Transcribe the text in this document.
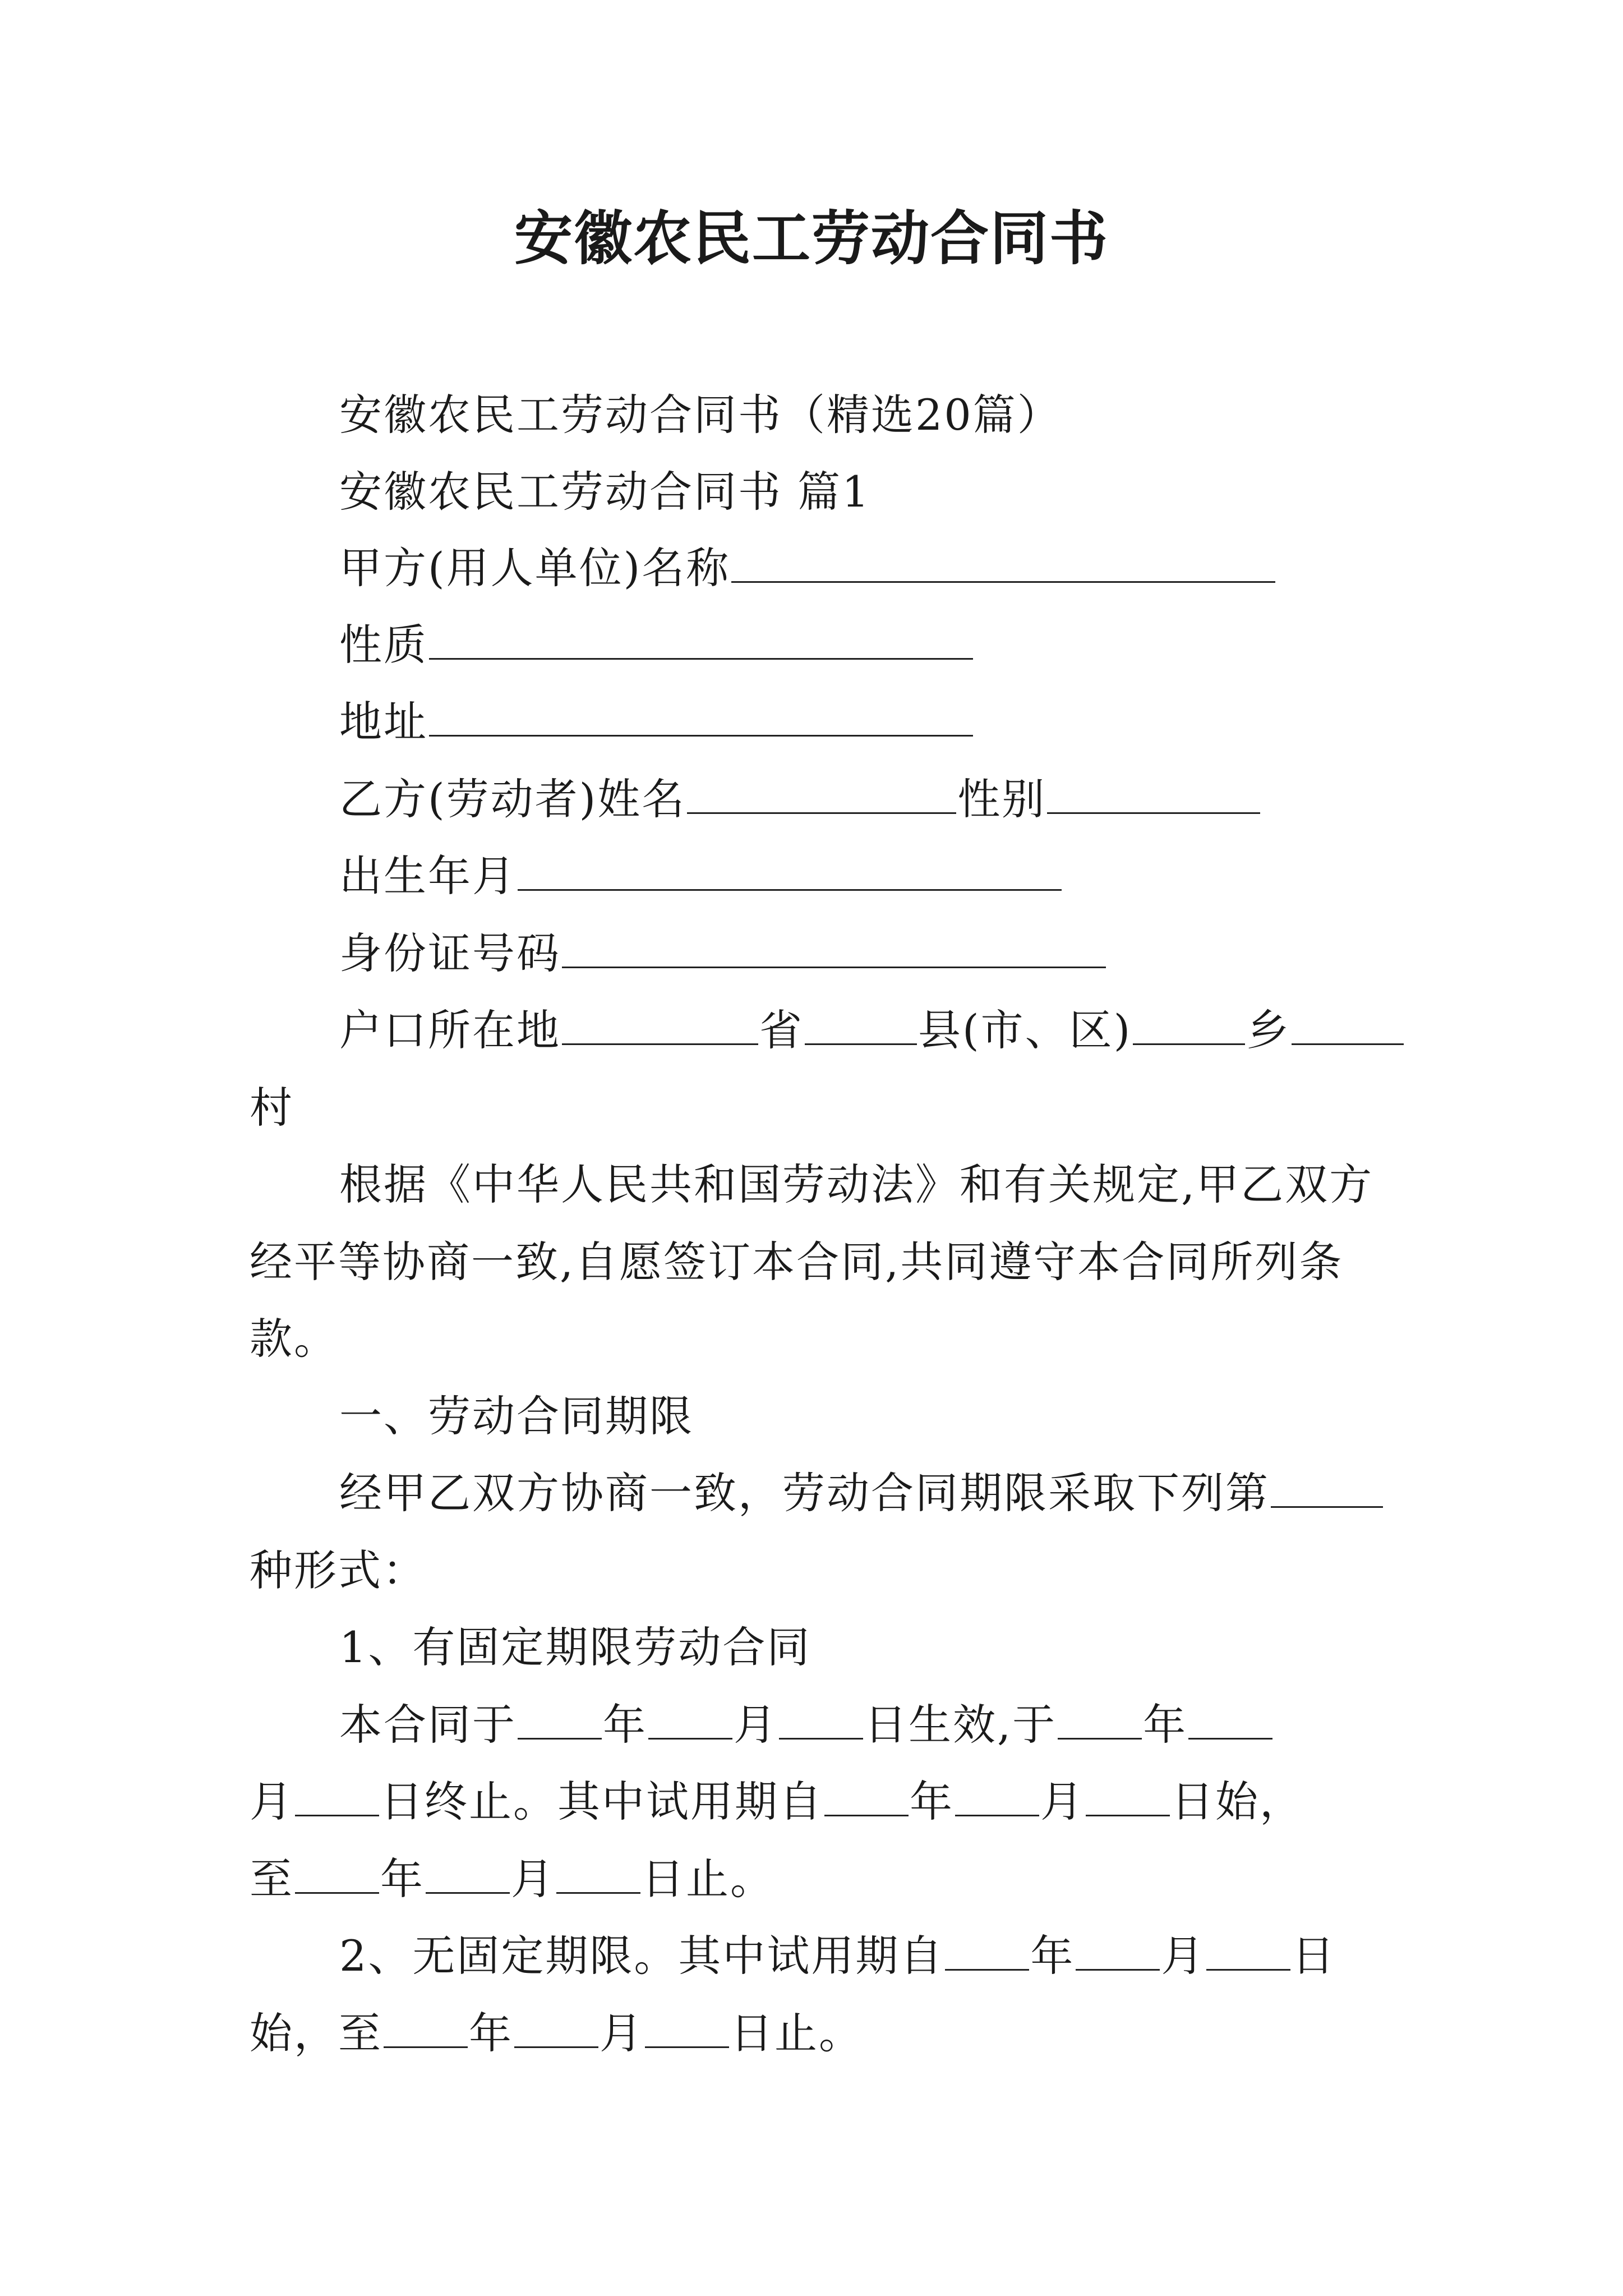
安徽农民工劳动合同书
安徽农民工劳动合同书（精选20篇）
安徽农民工劳动合同书 篇1
甲方(用人单位)名称
性质
地址
乙方(劳动者)姓名	性别
出生年月
身份证号码
户口所在地	省	县(市、区)	乡
村
根据《中华人民共和国劳动法》和有关规定,甲乙双方
经平等协商一致,自愿签订本合同,共同遵守本合同所列条
款。
一、劳动合同期限
经甲乙双方协商一致，劳动合同期限采取下列第
种形式：
1、有固定期限劳动合同
本合同于 年 月 日生效,于 年
月 日终止。其中试用期自 年 月 日始，
至 年 月 日止。
2、无固定期限。其中试用期自 年 月 日
始，至 年 月 日止。
